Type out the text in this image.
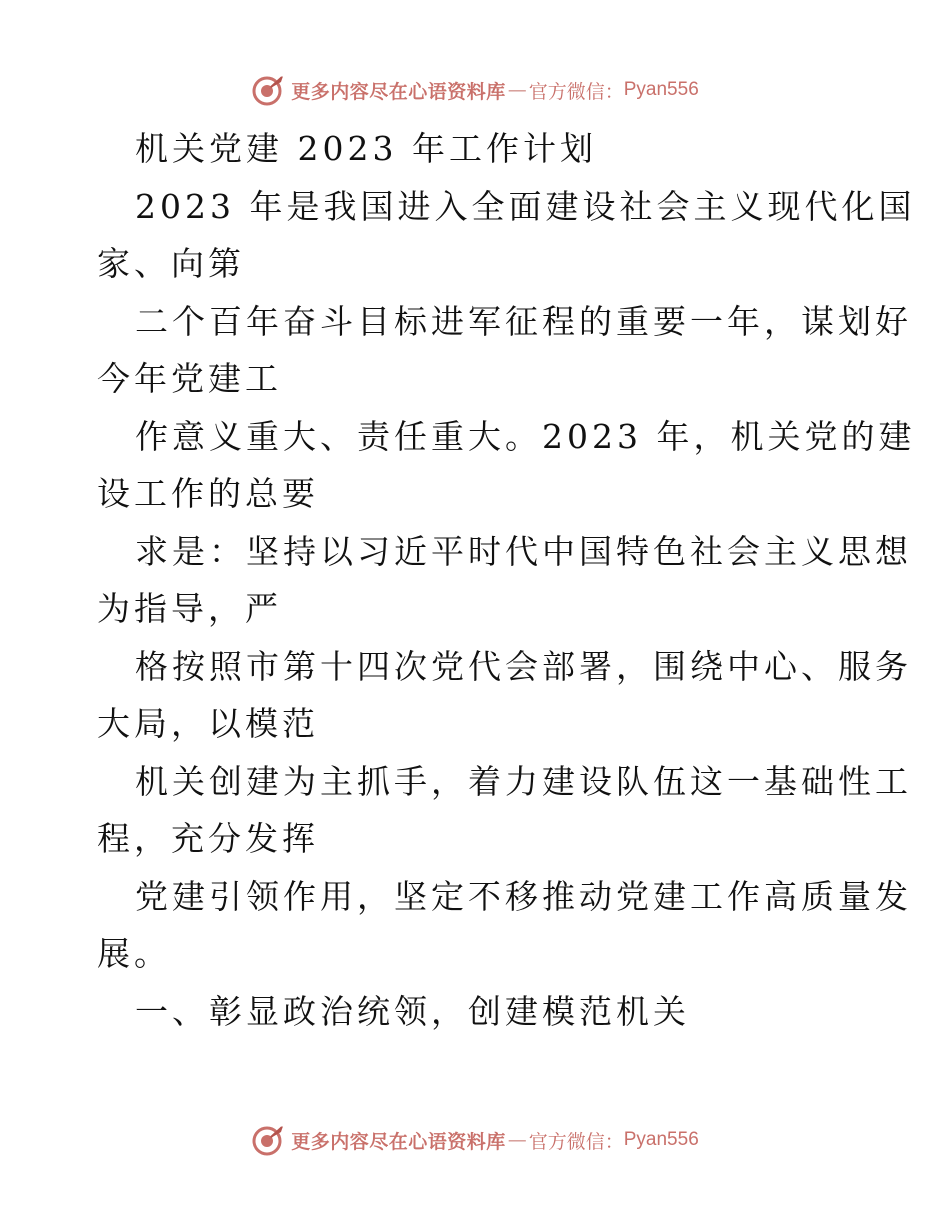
更多内容尽在心语资料库 — 官方微信： Pyan556
机关党建 2023 年工作计划
2023 年是我国进入全面建设社会主义现代化国
家、向第
二个百年奋斗目标进军征程的重要一年，谋划好
今年党建工
作意义重大、责任重大。2023 年，机关党的建
设工作的总要
求是：坚持以习近平时代中国特色社会主义思想
为指导，严
格按照市第十四次党代会部署，围绕中心、服务
大局，以模范
机关创建为主抓手，着力建设队伍这一基础性工
程，充分发挥
党建引领作用，坚定不移推动党建工作高质量发
展。
一、彰显政治统领，创建模范机关
更多内容尽在心语资料库 — 官方微信： Pyan556
